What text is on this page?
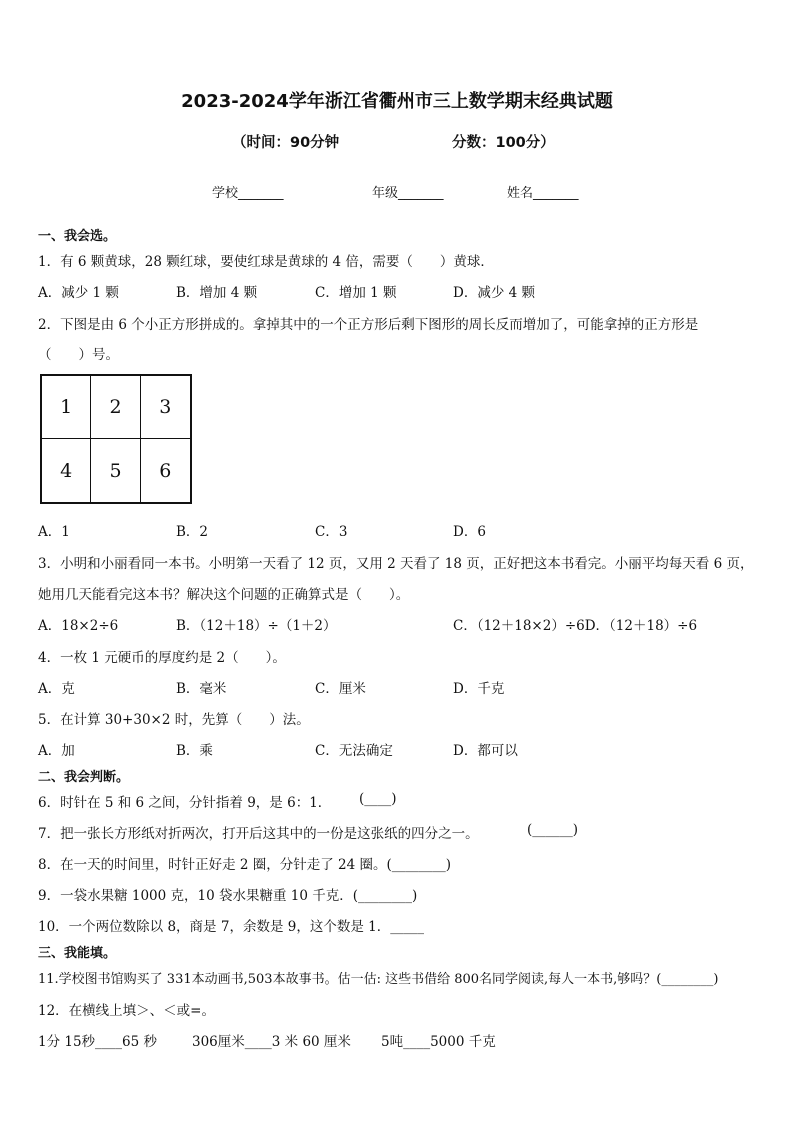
2023-2024学年浙江省衢州市三上数学期末经典试题
（时间：90分钟	分数：100分）
学校_______	年级_______	姓名_______
一、我会选。
1．有 6 颗黄球，28 颗红球，要使红球是黄球的 4 倍，需要（　　）黄球．
A．减少 1 颗	B．增加 4 颗	C．增加 1 颗	D．减少 4 颗
2．下图是由 6 个小正方形拼成的。拿掉其中的一个正方形后剩下图形的周长反而增加了，可能拿掉的正方形是
（　　）号。
1	2	3
4	5	6
A．1	B．2	C．3	D．6
3．小明和小丽看同一本书。小明第一天看了 12 页，又用 2 天看了 18 页，正好把这本书看完。小丽平均每天看 6 页，
她用几天能看完这本书？解决这个问题的正确算式是（　　）。
A．18×2÷6	B．（12＋18）÷（1＋2）	C．（12＋18×2）÷6D．（12＋18）÷6
4．一枚 1 元硬币的厚度约是 2（　　）。
A．克	B．毫米	C．厘米	D．千克
5．在计算 30+30×2 时，先算（　　）法。
A．加	B．乘	C．无法确定	D．都可以
二、我会判断。
6．时针在 5 和 6 之间，分针指着 9，是 6：1． (____)
7．把一张长方形纸对折两次，打开后这其中的一份是这张纸的四分之一。	(______)
8．在一天的时间里，时针正好走 2 圈，分针走了 24 圈。(________)
9．一袋水果糖 1000 克，10 袋水果糖重 10 千克．(________)
10．一个两位数除以 8，商是 7，余数是 9，这个数是 1．_____
三、我能填。
11.学校图书馆购买了 331本动画书,503本故事书。估一估: 这些书借给 800名同学阅读,每人一本书,够吗？(________)
12．在横线上填＞、＜或=。
1分 15秒____65 秒	306厘米____3 米 60 厘米 5吨____5000 千克
